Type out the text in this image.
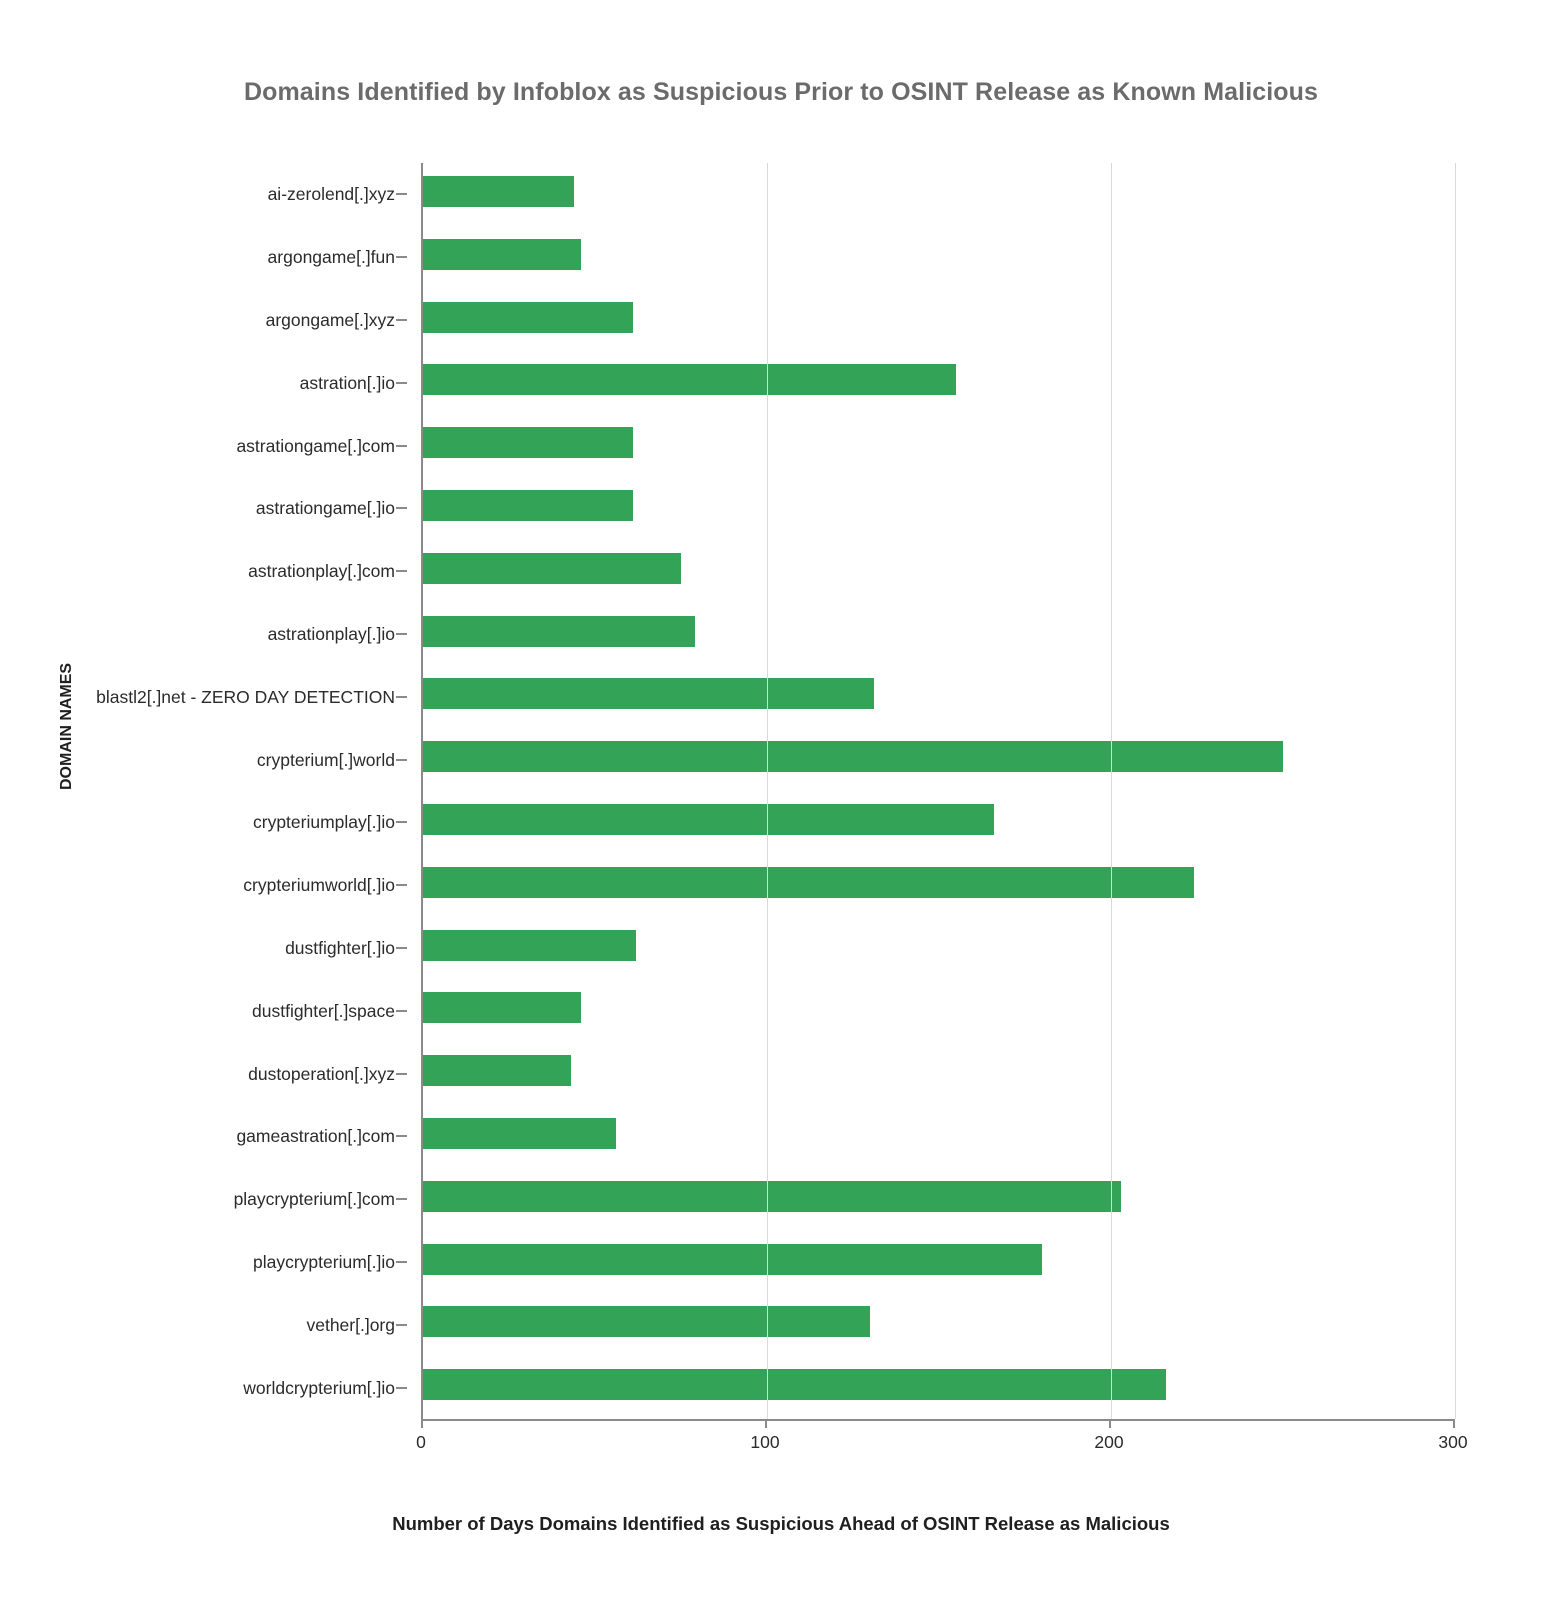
Domains Identified by Infoblox as Suspicious Prior to OSINT Release as Known Malicious
DOMAIN NAMES
ai-zerolend[.]xyz
argongame[.]fun
argongame[.]xyz
astration[.]io
astrationgame[.]com
astrationgame[.]io
astrationplay[.]com
astrationplay[.]io
blastl2[.]net - ZERO DAY DETECTION
crypterium[.]world
crypteriumplay[.]io
crypteriumworld[.]io
dustfighter[.]io
dustfighter[.]space
dustoperation[.]xyz
gameastration[.]com
playcrypterium[.]com
playcrypterium[.]io
vether[.]org
worldcrypterium[.]io
0	100	200	300
Number of Days Domains Identified as Suspicious Ahead of OSINT Release as Malicious
